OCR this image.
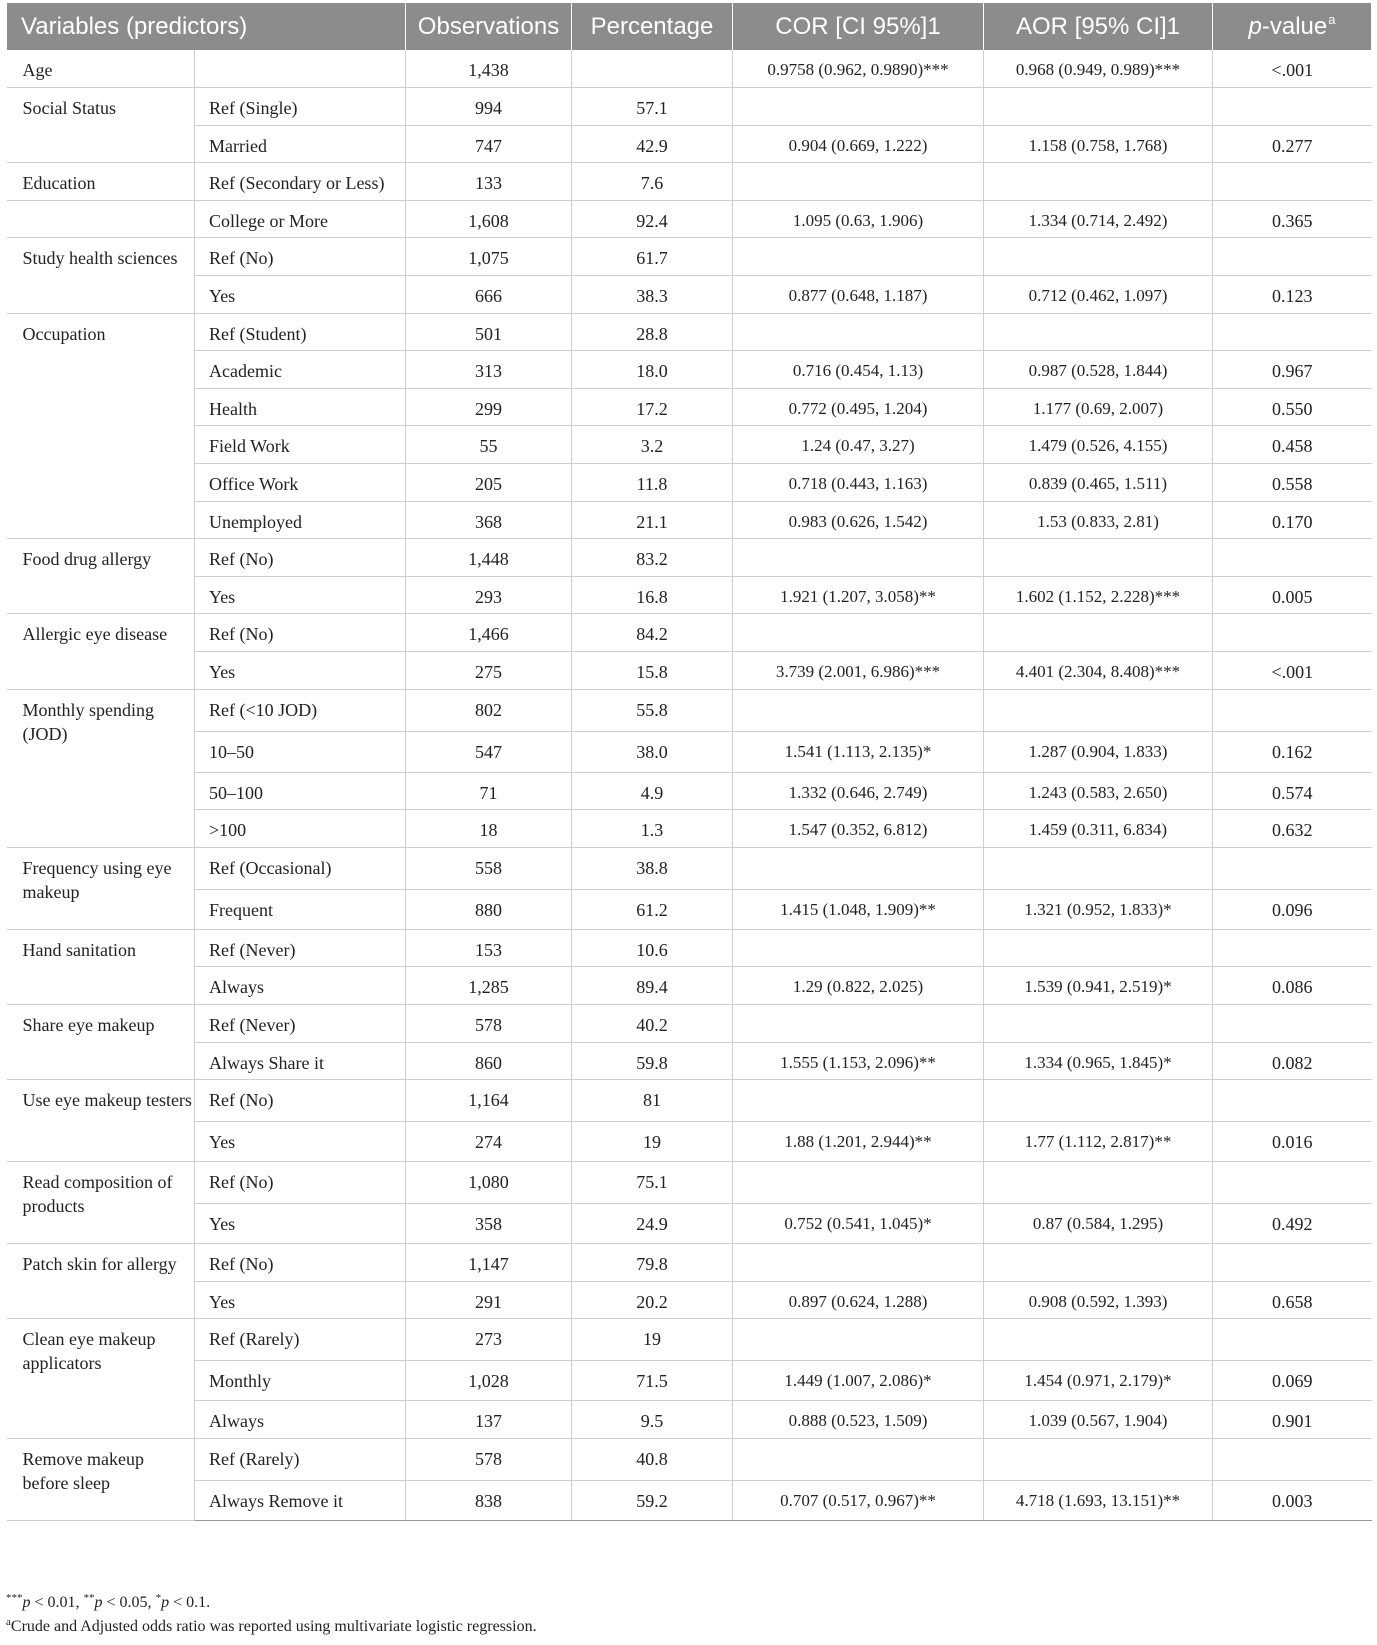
Variables (predictors)		Observations	Percentage	COR [CI 95%]1	AOR [95% CI]1	p-value$^a$

Age		1,438		0.9758 (0.962, 0.9890)***	0.968 (0.949, 0.989)***	<.001

Social Status	Ref (Single)	994	57.1			

	Married	747	42.9	0.904 (0.669, 1.222)	1.158 (0.758, 1.768)	0.277

Education	Ref (Secondary or Less)	133	7.6			

	College or More	1,608	92.4	1.095 (0.63, 1.906)	1.334 (0.714, 2.492)	0.365

Study health sciences	Ref (No)	1,075	61.7			

	Yes	666	38.3	0.877 (0.648, 1.187)	0.712 (0.462, 1.097)	0.123

Occupation	Ref (Student)	501	28.8			

	Academic	313	18.0	0.716 (0.454, 1.13)	0.987 (0.528, 1.844)	0.967

	Health	299	17.2	0.772 (0.495, 1.204)	1.177 (0.69, 2.007)	0.550

	Field Work	55	3.2	1.24 (0.47, 3.27)	1.479 (0.526, 4.155)	0.458

	Office Work	205	11.8	0.718 (0.443, 1.163)	0.839 (0.465, 1.511)	0.558

	Unemployed	368	21.1	0.983 (0.626, 1.542)	1.53 (0.833, 2.81)	0.170

Food drug allergy	Ref (No)	1,448	83.2			

	Yes	293	16.8	1.921 (1.207, 3.058)**	1.602 (1.152, 2.228)***	0.005

Allergic eye disease	Ref (No)	1,466	84.2			

	Yes	275	15.8	3.739 (2.001, 6.986)***	4.401 (2.304, 8.408)***	<.001

Monthly spending (JOD)	Ref (<10 JOD)	802	55.8			

	10–50	547	38.0	1.541 (1.113, 2.135)*	1.287 (0.904, 1.833)	0.162

	50–100	71	4.9	1.332 (0.646, 2.749)	1.243 (0.583, 2.650)	0.574

	>100	18	1.3	1.547 (0.352, 6.812)	1.459 (0.311, 6.834)	0.632

Frequency using eye makeup	Ref (Occasional)	558	38.8			

	Frequent	880	61.2	1.415 (1.048, 1.909)**	1.321 (0.952, 1.833)*	0.096

Hand sanitation	Ref (Never)	153	10.6			

	Always	1,285	89.4	1.29 (0.822, 2.025)	1.539 (0.941, 2.519)*	0.086

Share eye makeup	Ref (Never)	578	40.2			

	Always Share it	860	59.8	1.555 (1.153, 2.096)**	1.334 (0.965, 1.845)*	0.082

Use eye makeup testers	Ref (No)	1,164	81			

	Yes	274	19	1.88 (1.201, 2.944)**	1.77 (1.112, 2.817)**	0.016

Read composition of products	Ref (No)	1,080	75.1			

	Yes	358	24.9	0.752 (0.541, 1.045)*	0.87 (0.584, 1.295)	0.492

Patch skin for allergy	Ref (No)	1,147	79.8			

	Yes	291	20.2	0.897 (0.624, 1.288)	0.908 (0.592, 1.393)	0.658

Clean eye makeup applicators	Ref (Rarely)	273	19			

	Monthly	1,028	71.5	1.449 (1.007, 2.086)*	1.454 (0.971, 2.179)*	0.069

	Always	137	9.5	0.888 (0.523, 1.509)	1.039 (0.567, 1.904)	0.901

Remove makeup before sleep	Ref (Rarely)	578	40.8			

	Always Remove it	838	59.2	0.707 (0.517, 0.967)**	4.718 (1.693, 13.151)**	0.003
***p < 0.01, **p < 0.05, *p < 0.1.
$^a$Crude and Adjusted odds ratio was reported using multivariate logistic regression.
